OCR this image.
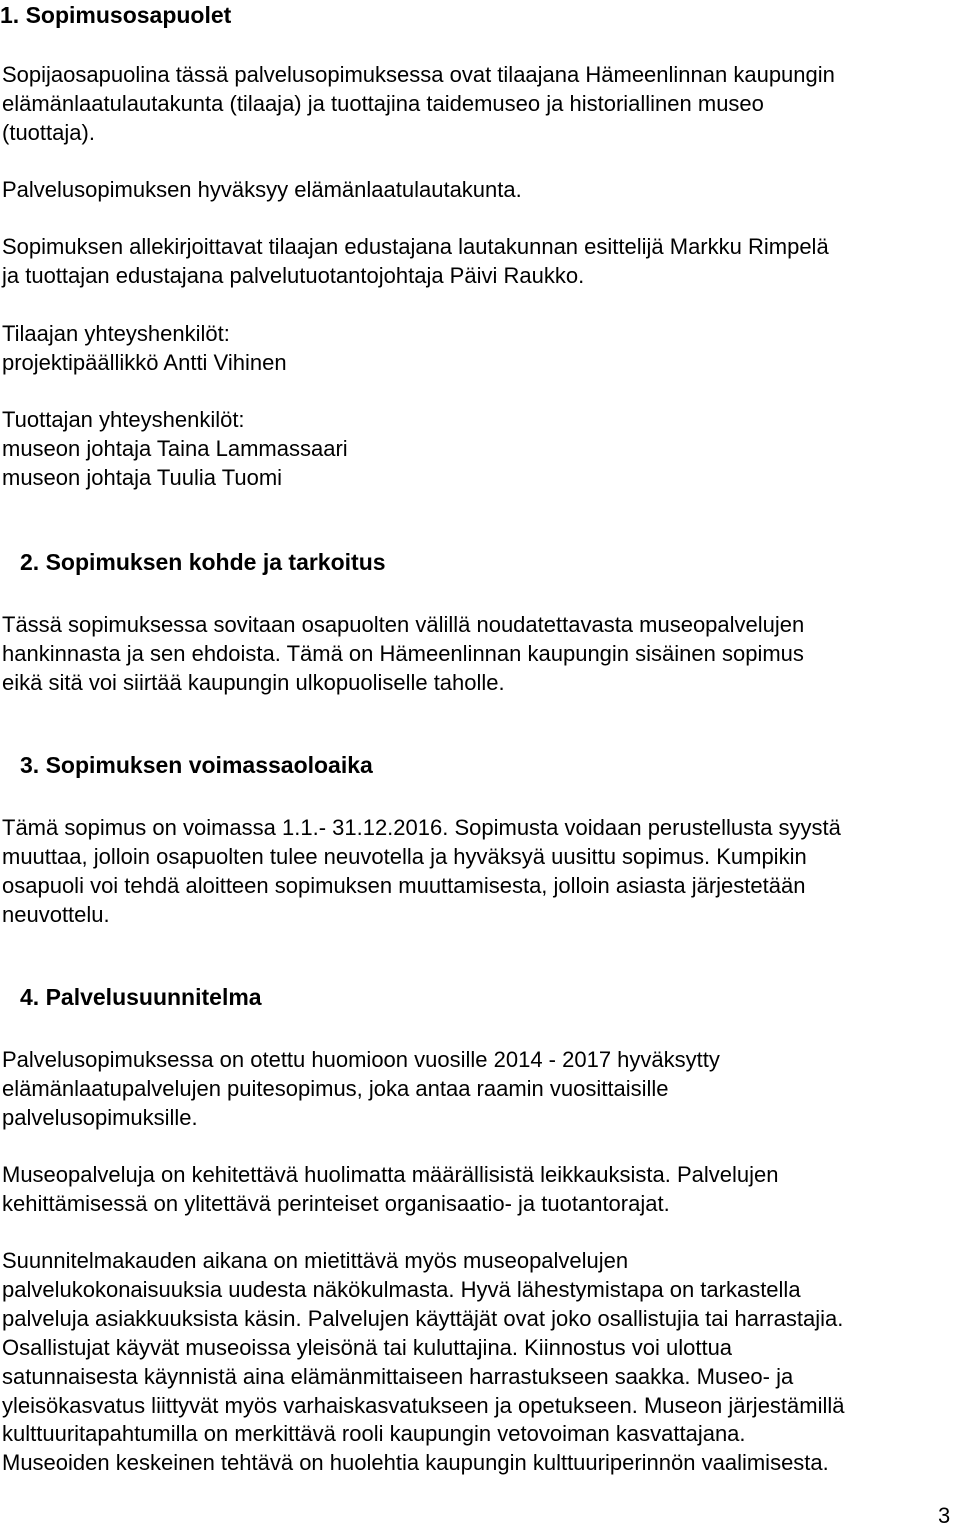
1. Sopimusosapuolet

Sopijaosapuolina tässä palvelusopimuksessa ovat tilaajana Hämeenlinnan kaupungin
elämänlaatulautakunta (tilaaja) ja tuottajina taidemuseo ja historiallinen museo
(tuottaja).

Palvelusopimuksen hyväksyy elämänlaatulautakunta.

Sopimuksen allekirjoittavat tilaajan edustajana lautakunnan esittelijä Markku Rimpelä
ja tuottajan edustajana palvelutuotantojohtaja Päivi Raukko.

Tilaajan yhteyshenkilöt:
projektipäällikkö Antti Vihinen

Tuottajan yhteyshenkilöt:
museon johtaja Taina Lammassaari
museon johtaja Tuulia Tuomi

2. Sopimuksen kohde ja tarkoitus

Tässä sopimuksessa sovitaan osapuolten välillä noudatettavasta museopalvelujen
hankinnasta ja sen ehdoista. Tämä on Hämeenlinnan kaupungin sisäinen sopimus
eikä sitä voi siirtää kaupungin ulkopuoliselle taholle.

3. Sopimuksen voimassaoloaika

Tämä sopimus on voimassa 1.1.- 31.12.2016. Sopimusta voidaan perustellusta syystä
muuttaa, jolloin osapuolten tulee neuvotella ja hyväksyä uusittu sopimus. Kumpikin
osapuoli voi tehdä aloitteen sopimuksen muuttamisesta, jolloin asiasta järjestetään
neuvottelu.

4. Palvelusuunnitelma

Palvelusopimuksessa on otettu huomioon vuosille 2014 - 2017 hyväksytty
elämänlaatupalvelujen puitesopimus, joka antaa raamin vuosittaisille
palvelusopimuksille.

Museopalveluja on kehitettävä huolimatta määrällisistä leikkauksista. Palvelujen
kehittämisessä on ylitettävä perinteiset organisaatio- ja tuotantorajat.

Suunnitelmakauden aikana on mietittävä myös museopalvelujen
palvelukokonaisuuksia uudesta näkökulmasta. Hyvä lähestymistapa on tarkastella
palveluja asiakkuuksista käsin. Palvelujen käyttäjät ovat joko osallistujia tai harrastajia.
Osallistujat käyvät museoissa yleisönä tai kuluttajina. Kiinnostus voi ulottua
satunnaisesta käynnistä aina elämänmittaiseen harrastukseen saakka. Museo- ja
yleisökasvatus liittyvät myös varhaiskasvatukseen ja opetukseen. Museon järjestämillä
kulttuuritapahtumilla on merkittävä rooli kaupungin vetovoiman kasvattajana.
Museoiden keskeinen tehtävä on huolehtia kaupungin kulttuuriperinnön vaalimisesta.

3
